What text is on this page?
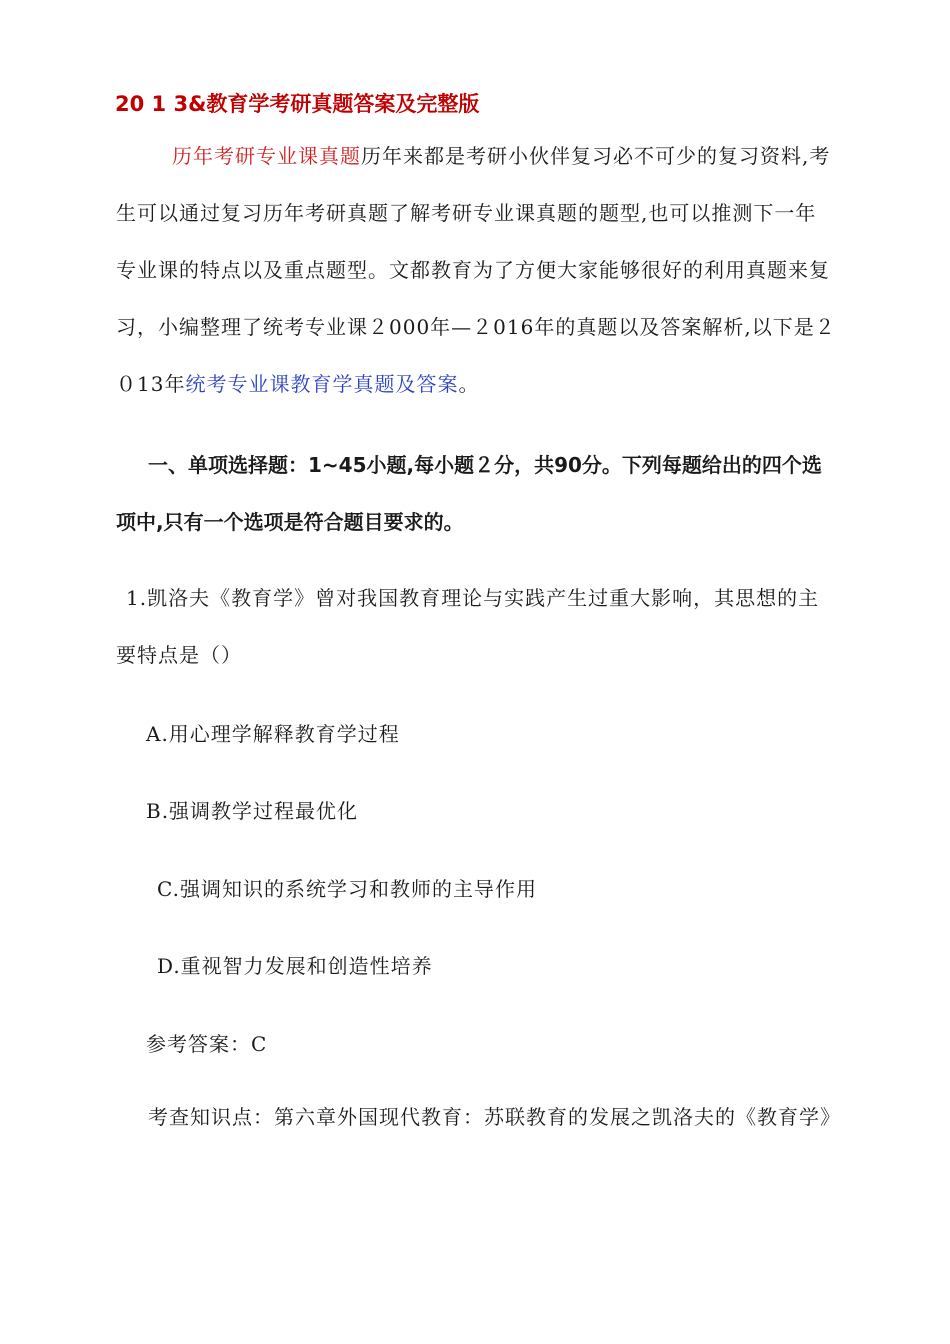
20 1 3&教育学考研真题答案及完整版
历年考研专业课真题历年来都是考研小伙伴复习必不可少的复习资料,考生可以通过复习历年考研真题了解考研专业课真题的题型,也可以推测下一年专业课的特点以及重点题型。文都教育为了方便大家能够很好的利用真题来复习，小编整理了统考专业课２000年—２016年的真题以及答案解析,以下是２０13年统考专业课教育学真题及答案。
一、单项选择题：1~45小题,每小题２分，共90分。下列每题给出的四个选项中,只有一个选项是符合题目要求的。
1.凯洛夫《教育学》曾对我国教育理论与实践产生过重大影响，其思想的主要特点是（）
A.用心理学解释教育学过程
B.强调教学过程最优化
C.强调知识的系统学习和教师的主导作用
D.重视智力发展和创造性培养
参考答案：C
考查知识点：第六章外国现代教育：苏联教育的发展之凯洛夫的《教育学》
